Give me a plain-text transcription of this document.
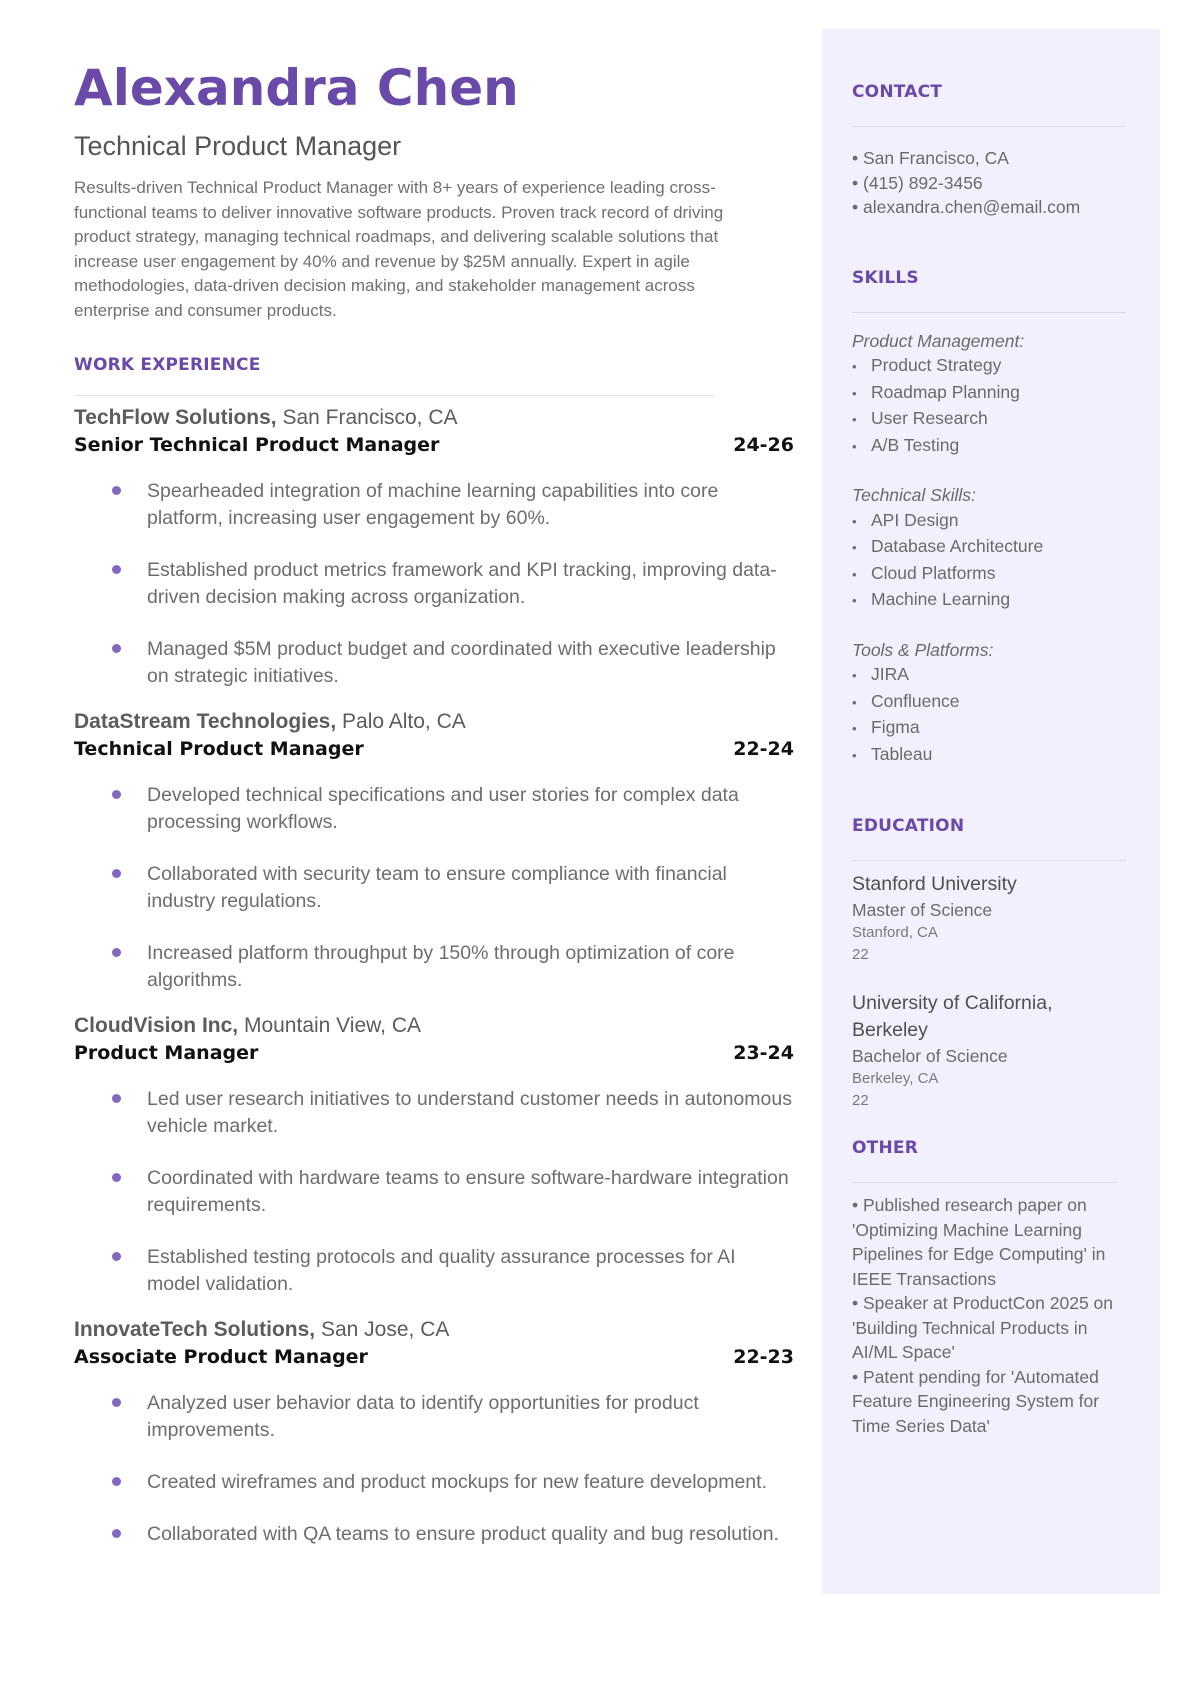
Alexandra Chen
Technical Product Manager
Results-driven Technical Product Manager with 8+ years of experience leading cross-functional teams to deliver innovative software products. Proven track record of driving product strategy, managing technical roadmaps, and delivering scalable solutions that increase user engagement by 40% and revenue by $25M annually. Expert in agile methodologies, data-driven decision making, and stakeholder management across enterprise and consumer products.
WORK EXPERIENCE
TechFlow Solutions, San Francisco, CA
Senior Technical Product Manager	24-26
Spearheaded integration of machine learning capabilities into core platform, increasing user engagement by 60%.
Established product metrics framework and KPI tracking, improving data-driven decision making across organization.
Managed $5M product budget and coordinated with executive leadership on strategic initiatives.
DataStream Technologies, Palo Alto, CA
Technical Product Manager	22-24
Developed technical specifications and user stories for complex data processing workflows.
Collaborated with security team to ensure compliance with financial industry regulations.
Increased platform throughput by 150% through optimization of core algorithms.
CloudVision Inc, Mountain View, CA
Product Manager	23-24
Led user research initiatives to understand customer needs in autonomous vehicle market.
Coordinated with hardware teams to ensure software-hardware integration requirements.
Established testing protocols and quality assurance processes for AI model validation.
InnovateTech Solutions, San Jose, CA
Associate Product Manager	22-23
Analyzed user behavior data to identify opportunities for product improvements.
Created wireframes and product mockups for new feature development.
Collaborated with QA teams to ensure product quality and bug resolution.
CONTACT
• San Francisco, CA
• (415) 892-3456
• alexandra.chen@email.com
SKILLS
Product Management:
• Product Strategy
• Roadmap Planning
• User Research
• A/B Testing
Technical Skills:
• API Design
• Database Architecture
• Cloud Platforms
• Machine Learning
Tools & Platforms:
• JIRA
• Confluence
• Figma
• Tableau
EDUCATION
Stanford University
Master of Science
Stanford, CA
22
University of California, Berkeley
Bachelor of Science
Berkeley, CA
22
OTHER
• Published research paper on 'Optimizing Machine Learning Pipelines for Edge Computing' in IEEE Transactions
• Speaker at ProductCon 2025 on 'Building Technical Products in AI/ML Space'
• Patent pending for 'Automated Feature Engineering System for Time Series Data'
